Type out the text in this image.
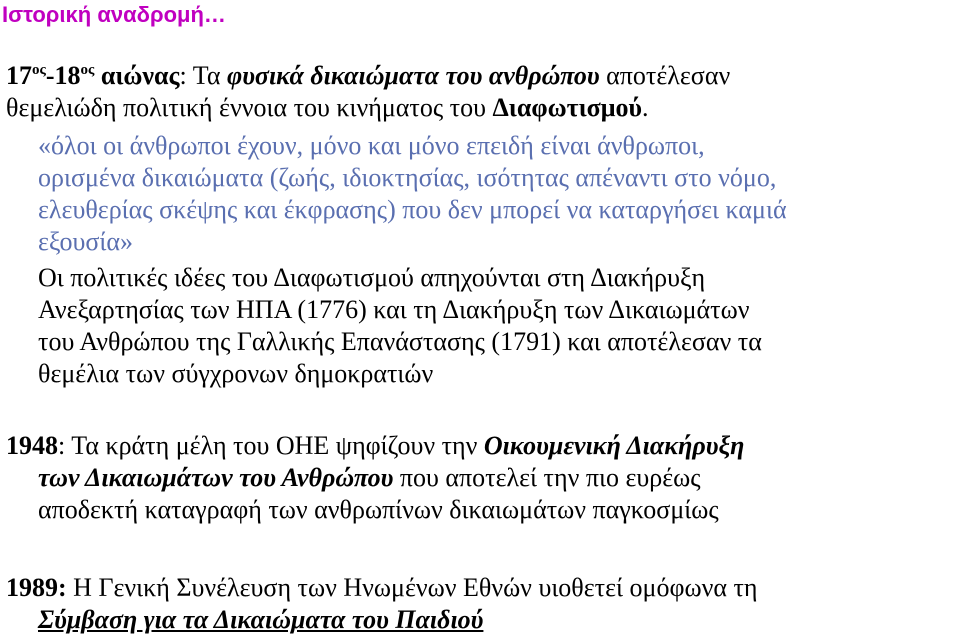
Ιστορική αναδρομή…
$17^{o\varsigma}-18^{o\varsigma}$ αιώνας: Τα φυσικά δικαιώματα του ανθρώπου αποτέλεσαν
θεμελιώδη πολιτική έννοια του κινήματος του Διαφωτισμού.
«όλοι οι άνθρωποι έχουν, μόνο και μόνο επειδή είναι άνθρωποι,
ορισμένα δικαιώματα (ζωής, ιδιοκτησίας, ισότητας απέναντι στο νόμο,
ελευθερίας σκέψης και έκφρασης) που δεν μπορεί να καταργήσει καμιά
εξουσία»
Οι πολιτικές ιδέες του Διαφωτισμού απηχούνται στη Διακήρυξη
Ανεξαρτησίας των ΗΠΑ (1776) και τη Διακήρυξη των Δικαιωμάτων
του Ανθρώπου της Γαλλικής Επανάστασης (1791) και αποτέλεσαν τα
θεμέλια των σύγχρονων δημοκρατιών
1948: Τα κράτη μέλη του ΟΗΕ ψηφίζουν την Οικουμενική Διακήρυξη
των Δικαιωμάτων του Ανθρώπου που αποτελεί την πιο ευρέως
αποδεκτή καταγραφή των ανθρωπίνων δικαιωμάτων παγκοσμίως
1989: Η Γενική Συνέλευση των Ηνωμένων Εθνών υιοθετεί ομόφωνα τη
Σύμβαση για τα Δικαιώματα του Παιδιού
